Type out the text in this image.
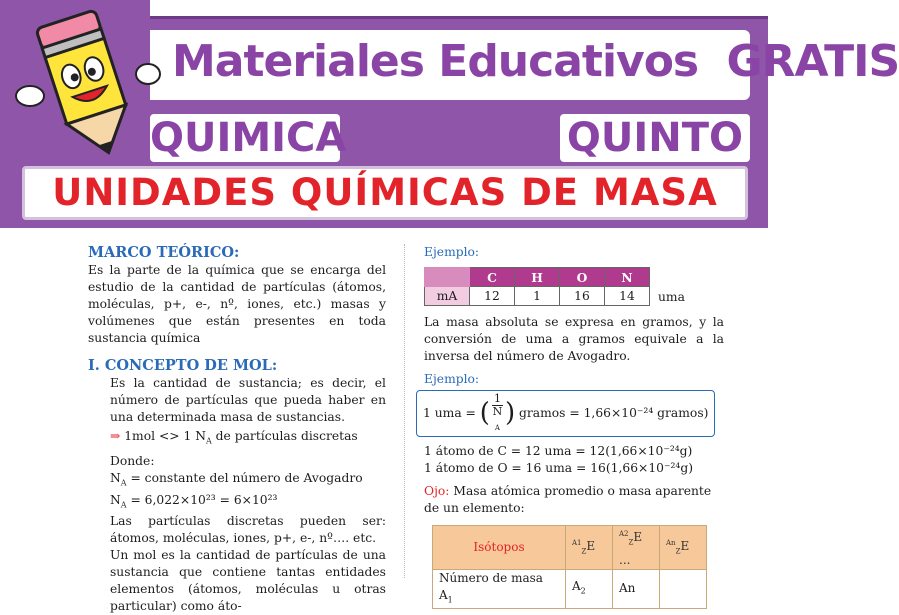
Materiales Educativos GRATIS
QUIMICA	QUINTO
UNIDADES QUÍMICAS DE MASA

MARCO TEÓRICO:

Es la parte de la química que se encarga del estudio de la cantidad de partículas (átomos, moléculas, p+, e-, nº, iones, etc.) masas y volúmenes que están presentes en toda sustancia química

I. CONCEPTO DE MOL:

Es la cantidad de sustancia; es decir, el número de partículas que pueda haber en una determinada masa de sustancias.

⇒ 1mol <> 1 $N_A$ de partículas discretas

Donde:

$N_A$ = constante del número de Avogadro

$N_A = 6,022\times 10^{23} = 6\times 10^{23}$

Las partículas discretas pueden ser: átomos, moléculas, iones, p+, e-, nº…. etc.

Un mol es la cantidad de partículas de una sustancia que contiene tantas entidades elementos (átomos, moléculas u otras particular) como áto-

Ejemplo:

	C	H	O	N
mA	12	1	16	14 uma

La masa absoluta se expresa en gramos, y la conversión de uma a gramos equivale a la inversa del número de Avogadro.

Ejemplo:

1 uma = ( 1
N
$_A$ ) gramos = 1,66×10⁻²⁴ gramos)

1 átomo de C = 12 uma = 12(1,66×10⁻²⁴g)

1 átomo de O = 16 uma = 16(1,66×10⁻²⁴g)

Ojo: Masa atómica promedio o masa aparente de un elemento:

Isótopos	$^{A1}_Z$E	$^{A2}_Z$E ...	$^{An}_Z$E
Número de masa $A_1$	$A_2$	An	
